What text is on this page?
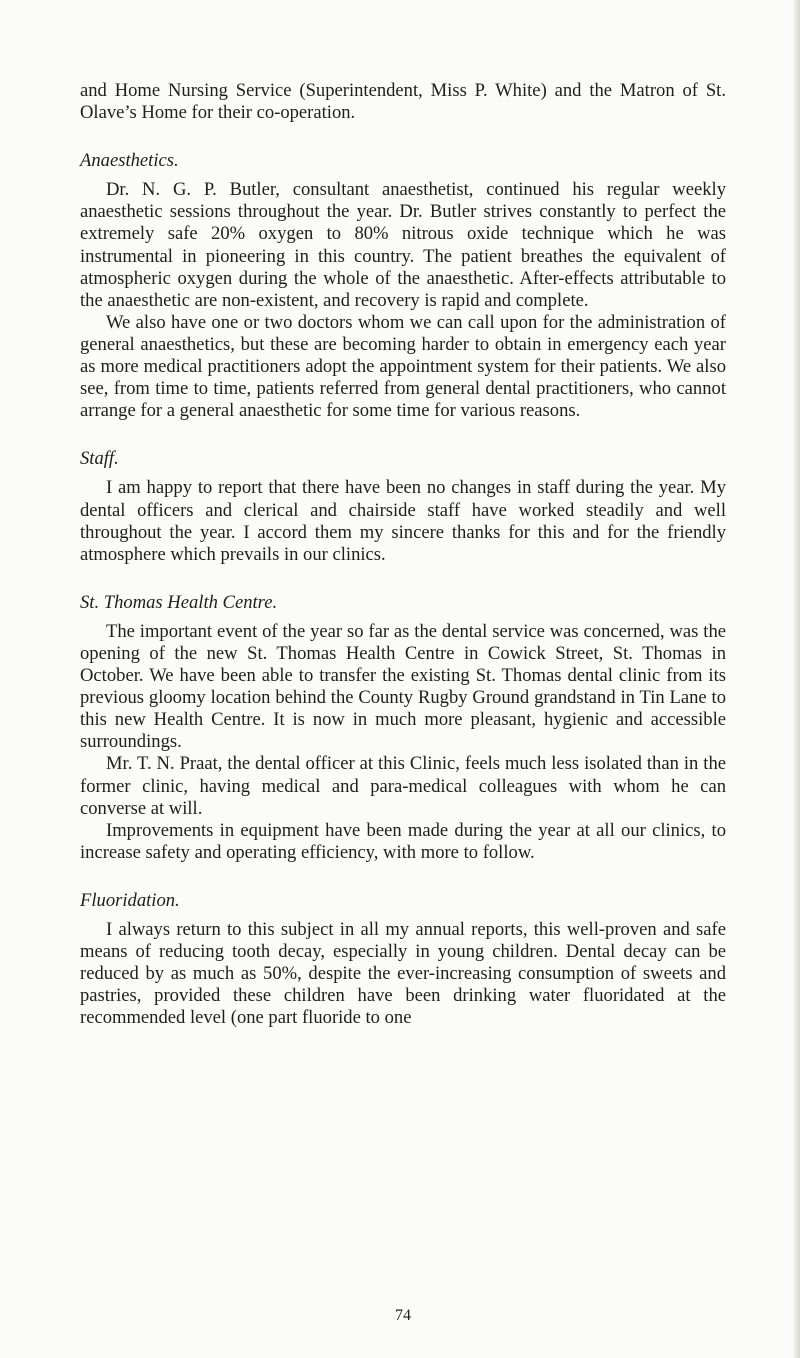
and Home Nursing Service (Superintendent, Miss P. White) and the Matron of St. Olave’s Home for their co-operation.

Anaesthetics.

Dr. N. G. P. Butler, consultant anaesthetist, continued his regular weekly anaesthetic sessions throughout the year. Dr. Butler strives constantly to perfect the extremely safe 20% oxygen to 80% nitrous oxide technique which he was instrumental in pioneering in this country. The patient breathes the equivalent of atmospheric oxygen during the whole of the anaesthetic. After-effects attributable to the anaesthetic are non-existent, and recovery is rapid and complete.

We also have one or two doctors whom we can call upon for the administration of general anaesthetics, but these are becoming harder to obtain in emergency each year as more medical practitioners adopt the appointment system for their patients. We also see, from time to time, patients referred from general dental practitioners, who cannot arrange for a general anaesthetic for some time for various reasons.

Staff.

I am happy to report that there have been no changes in staff during the year. My dental officers and clerical and chairside staff have worked steadily and well throughout the year. I accord them my sincere thanks for this and for the friendly atmosphere which prevails in our clinics.

St. Thomas Health Centre.

The important event of the year so far as the dental service was concerned, was the opening of the new St. Thomas Health Centre in Cowick Street, St. Thomas in October. We have been able to transfer the existing St. Thomas dental clinic from its previous gloomy location behind the County Rugby Ground grandstand in Tin Lane to this new Health Centre. It is now in much more pleasant, hygienic and accessible surroundings.

Mr. T. N. Praat, the dental officer at this Clinic, feels much less isolated than in the former clinic, having medical and para-medical colleagues with whom he can converse at will.

Improvements in equipment have been made during the year at all our clinics, to increase safety and operating efficiency, with more to follow.

Fluoridation.

I always return to this subject in all my annual reports, this well-proven and safe means of reducing tooth decay, especially in young children. Dental decay can be reduced by as much as 50%, despite the ever-increasing consumption of sweets and pastries, provided these children have been drinking water fluoridated at the recommended level (one part fluoride to one

74
